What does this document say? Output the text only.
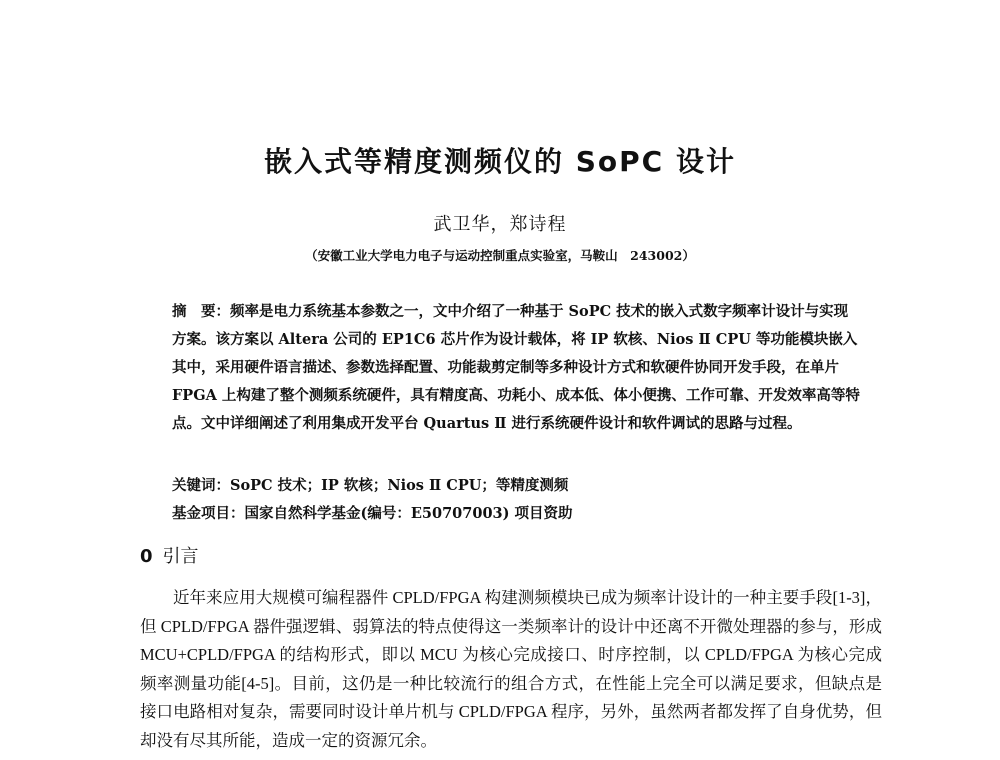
嵌入式等精度测频仪的 SoPC 设计
武卫华，郑诗程
（安徽工业大学电力电子与运动控制重点实验室，马鞍山　243002）
摘　要：频率是电力系统基本参数之一，文中介绍了一种基于 SoPC 技术的嵌入式数字频率计设计与实现方案。该方案以 Altera 公司的 EP1C6 芯片作为设计载体，将 IP 软核、Nios Ⅱ CPU 等功能模块嵌入其中，采用硬件语言描述、参数选择配置、功能裁剪定制等多种设计方式和软硬件协同开发手段，在单片 FPGA 上构建了整个测频系统硬件，具有精度高、功耗小、成本低、体小便携、工作可靠、开发效率高等特点。文中详细阐述了利用集成开发平台 Quartus Ⅱ 进行系统硬件设计和软件调试的思路与过程。
关键词：SoPC 技术；IP 软核；Nios Ⅱ CPU；等精度测频
基金项目：国家自然科学基金(编号：E50707003) 项目资助
0 引言
近年来应用大规模可编程器件 CPLD/FPGA 构建测频模块已成为频率计设计的一种主要手段[1-3]，但 CPLD/FPGA 器件强逻辑、弱算法的特点使得这一类频率计的设计中还离不开微处理器的参与，形成 MCU+CPLD/FPGA 的结构形式，即以 MCU 为核心完成接口、时序控制，以 CPLD/FPGA 为核心完成频率测量功能[4-5]。目前，这仍是一种比较流行的组合方式，在性能上完全可以满足要求，但缺点是接口电路相对复杂，需要同时设计单片机与 CPLD/FPGA 程序，另外，虽然两者都发挥了自身优势，但却没有尽其所能，造成一定的资源冗余。
